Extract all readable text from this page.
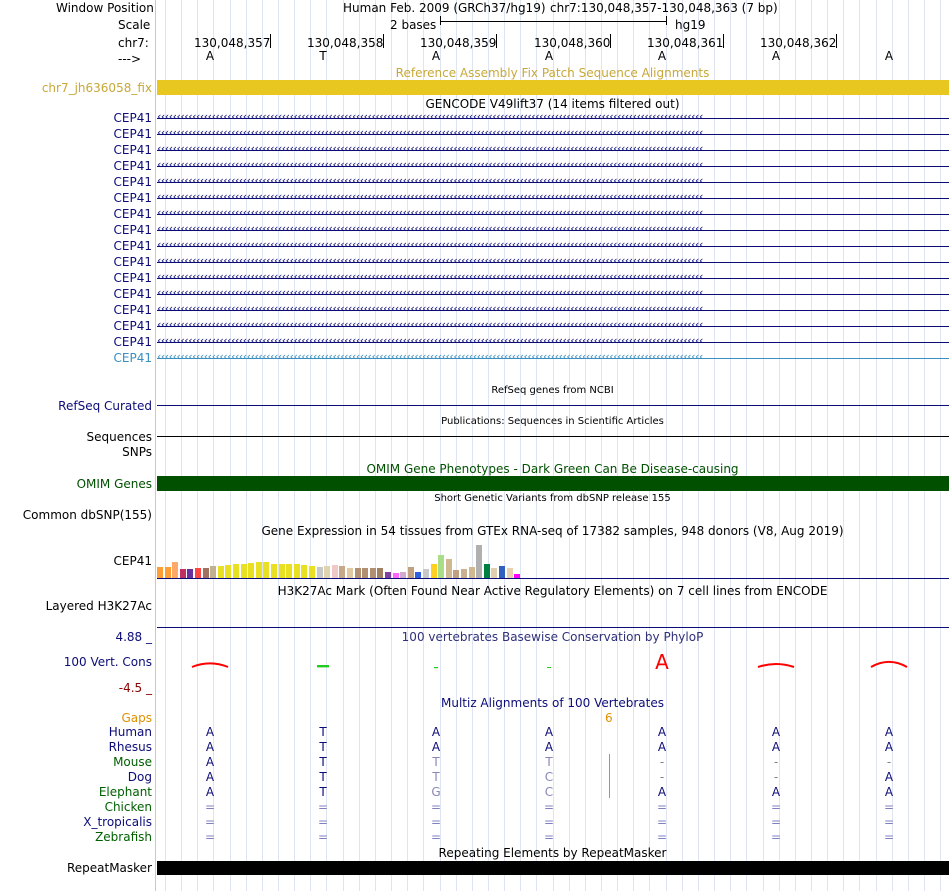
Window Position	Human Feb. 2009 (GRCh37/hg19) chr7:130,048,357-130,048,363 (7 bp)
Scale	2 bases	hg19
chr7:
--->
130,048,357	130,048,358	130,048,359	130,048,360	130,048,361	130,048,362
A	T	A	A	A	A	A
Reference Assembly Fix Patch Sequence Alignments
chr7_jh636058_fix
GENCODE V49lift37 (14 items filtered out)
CEP41 ‹‹‹‹‹‹‹‹‹‹‹‹‹‹‹‹‹‹‹‹‹‹‹‹‹‹‹‹‹‹‹‹‹‹‹‹‹‹‹‹‹‹‹‹‹‹‹‹‹‹‹‹‹‹‹‹‹‹‹‹‹‹‹‹‹‹‹‹‹‹‹‹‹‹‹‹‹‹‹‹‹‹‹‹‹‹‹‹‹‹‹‹‹‹‹‹‹‹‹‹‹‹‹‹‹‹‹‹‹‹‹‹‹‹‹‹‹‹‹‹‹‹‹‹‹‹‹‹‹‹‹‹‹‹‹‹‹‹‹‹
CEP41 ‹‹‹‹‹‹‹‹‹‹‹‹‹‹‹‹‹‹‹‹‹‹‹‹‹‹‹‹‹‹‹‹‹‹‹‹‹‹‹‹‹‹‹‹‹‹‹‹‹‹‹‹‹‹‹‹‹‹‹‹‹‹‹‹‹‹‹‹‹‹‹‹‹‹‹‹‹‹‹‹‹‹‹‹‹‹‹‹‹‹‹‹‹‹‹‹‹‹‹‹‹‹‹‹‹‹‹‹‹‹‹‹‹‹‹‹‹‹‹‹‹‹‹‹‹‹‹‹‹‹‹‹‹‹‹‹‹‹‹‹
CEP41 ‹‹‹‹‹‹‹‹‹‹‹‹‹‹‹‹‹‹‹‹‹‹‹‹‹‹‹‹‹‹‹‹‹‹‹‹‹‹‹‹‹‹‹‹‹‹‹‹‹‹‹‹‹‹‹‹‹‹‹‹‹‹‹‹‹‹‹‹‹‹‹‹‹‹‹‹‹‹‹‹‹‹‹‹‹‹‹‹‹‹‹‹‹‹‹‹‹‹‹‹‹‹‹‹‹‹‹‹‹‹‹‹‹‹‹‹‹‹‹‹‹‹‹‹‹‹‹‹‹‹‹‹‹‹‹‹‹‹‹‹
CEP41 ‹‹‹‹‹‹‹‹‹‹‹‹‹‹‹‹‹‹‹‹‹‹‹‹‹‹‹‹‹‹‹‹‹‹‹‹‹‹‹‹‹‹‹‹‹‹‹‹‹‹‹‹‹‹‹‹‹‹‹‹‹‹‹‹‹‹‹‹‹‹‹‹‹‹‹‹‹‹‹‹‹‹‹‹‹‹‹‹‹‹‹‹‹‹‹‹‹‹‹‹‹‹‹‹‹‹‹‹‹‹‹‹‹‹‹‹‹‹‹‹‹‹‹‹‹‹‹‹‹‹‹‹‹‹‹‹‹‹‹‹
CEP41 ‹‹‹‹‹‹‹‹‹‹‹‹‹‹‹‹‹‹‹‹‹‹‹‹‹‹‹‹‹‹‹‹‹‹‹‹‹‹‹‹‹‹‹‹‹‹‹‹‹‹‹‹‹‹‹‹‹‹‹‹‹‹‹‹‹‹‹‹‹‹‹‹‹‹‹‹‹‹‹‹‹‹‹‹‹‹‹‹‹‹‹‹‹‹‹‹‹‹‹‹‹‹‹‹‹‹‹‹‹‹‹‹‹‹‹‹‹‹‹‹‹‹‹‹‹‹‹‹‹‹‹‹‹‹‹‹‹‹‹‹
CEP41 ‹‹‹‹‹‹‹‹‹‹‹‹‹‹‹‹‹‹‹‹‹‹‹‹‹‹‹‹‹‹‹‹‹‹‹‹‹‹‹‹‹‹‹‹‹‹‹‹‹‹‹‹‹‹‹‹‹‹‹‹‹‹‹‹‹‹‹‹‹‹‹‹‹‹‹‹‹‹‹‹‹‹‹‹‹‹‹‹‹‹‹‹‹‹‹‹‹‹‹‹‹‹‹‹‹‹‹‹‹‹‹‹‹‹‹‹‹‹‹‹‹‹‹‹‹‹‹‹‹‹‹‹‹‹‹‹‹‹‹‹
CEP41 ‹‹‹‹‹‹‹‹‹‹‹‹‹‹‹‹‹‹‹‹‹‹‹‹‹‹‹‹‹‹‹‹‹‹‹‹‹‹‹‹‹‹‹‹‹‹‹‹‹‹‹‹‹‹‹‹‹‹‹‹‹‹‹‹‹‹‹‹‹‹‹‹‹‹‹‹‹‹‹‹‹‹‹‹‹‹‹‹‹‹‹‹‹‹‹‹‹‹‹‹‹‹‹‹‹‹‹‹‹‹‹‹‹‹‹‹‹‹‹‹‹‹‹‹‹‹‹‹‹‹‹‹‹‹‹‹‹‹‹‹
CEP41 ‹‹‹‹‹‹‹‹‹‹‹‹‹‹‹‹‹‹‹‹‹‹‹‹‹‹‹‹‹‹‹‹‹‹‹‹‹‹‹‹‹‹‹‹‹‹‹‹‹‹‹‹‹‹‹‹‹‹‹‹‹‹‹‹‹‹‹‹‹‹‹‹‹‹‹‹‹‹‹‹‹‹‹‹‹‹‹‹‹‹‹‹‹‹‹‹‹‹‹‹‹‹‹‹‹‹‹‹‹‹‹‹‹‹‹‹‹‹‹‹‹‹‹‹‹‹‹‹‹‹‹‹‹‹‹‹‹‹‹‹
CEP41 ‹‹‹‹‹‹‹‹‹‹‹‹‹‹‹‹‹‹‹‹‹‹‹‹‹‹‹‹‹‹‹‹‹‹‹‹‹‹‹‹‹‹‹‹‹‹‹‹‹‹‹‹‹‹‹‹‹‹‹‹‹‹‹‹‹‹‹‹‹‹‹‹‹‹‹‹‹‹‹‹‹‹‹‹‹‹‹‹‹‹‹‹‹‹‹‹‹‹‹‹‹‹‹‹‹‹‹‹‹‹‹‹‹‹‹‹‹‹‹‹‹‹‹‹‹‹‹‹‹‹‹‹‹‹‹‹‹‹‹‹
CEP41 ‹‹‹‹‹‹‹‹‹‹‹‹‹‹‹‹‹‹‹‹‹‹‹‹‹‹‹‹‹‹‹‹‹‹‹‹‹‹‹‹‹‹‹‹‹‹‹‹‹‹‹‹‹‹‹‹‹‹‹‹‹‹‹‹‹‹‹‹‹‹‹‹‹‹‹‹‹‹‹‹‹‹‹‹‹‹‹‹‹‹‹‹‹‹‹‹‹‹‹‹‹‹‹‹‹‹‹‹‹‹‹‹‹‹‹‹‹‹‹‹‹‹‹‹‹‹‹‹‹‹‹‹‹‹‹‹‹‹‹‹
CEP41 ‹‹‹‹‹‹‹‹‹‹‹‹‹‹‹‹‹‹‹‹‹‹‹‹‹‹‹‹‹‹‹‹‹‹‹‹‹‹‹‹‹‹‹‹‹‹‹‹‹‹‹‹‹‹‹‹‹‹‹‹‹‹‹‹‹‹‹‹‹‹‹‹‹‹‹‹‹‹‹‹‹‹‹‹‹‹‹‹‹‹‹‹‹‹‹‹‹‹‹‹‹‹‹‹‹‹‹‹‹‹‹‹‹‹‹‹‹‹‹‹‹‹‹‹‹‹‹‹‹‹‹‹‹‹‹‹‹‹‹‹
CEP41 ‹‹‹‹‹‹‹‹‹‹‹‹‹‹‹‹‹‹‹‹‹‹‹‹‹‹‹‹‹‹‹‹‹‹‹‹‹‹‹‹‹‹‹‹‹‹‹‹‹‹‹‹‹‹‹‹‹‹‹‹‹‹‹‹‹‹‹‹‹‹‹‹‹‹‹‹‹‹‹‹‹‹‹‹‹‹‹‹‹‹‹‹‹‹‹‹‹‹‹‹‹‹‹‹‹‹‹‹‹‹‹‹‹‹‹‹‹‹‹‹‹‹‹‹‹‹‹‹‹‹‹‹‹‹‹‹‹‹‹‹
CEP41 ‹‹‹‹‹‹‹‹‹‹‹‹‹‹‹‹‹‹‹‹‹‹‹‹‹‹‹‹‹‹‹‹‹‹‹‹‹‹‹‹‹‹‹‹‹‹‹‹‹‹‹‹‹‹‹‹‹‹‹‹‹‹‹‹‹‹‹‹‹‹‹‹‹‹‹‹‹‹‹‹‹‹‹‹‹‹‹‹‹‹‹‹‹‹‹‹‹‹‹‹‹‹‹‹‹‹‹‹‹‹‹‹‹‹‹‹‹‹‹‹‹‹‹‹‹‹‹‹‹‹‹‹‹‹‹‹‹‹‹‹
CEP41 ‹‹‹‹‹‹‹‹‹‹‹‹‹‹‹‹‹‹‹‹‹‹‹‹‹‹‹‹‹‹‹‹‹‹‹‹‹‹‹‹‹‹‹‹‹‹‹‹‹‹‹‹‹‹‹‹‹‹‹‹‹‹‹‹‹‹‹‹‹‹‹‹‹‹‹‹‹‹‹‹‹‹‹‹‹‹‹‹‹‹‹‹‹‹‹‹‹‹‹‹‹‹‹‹‹‹‹‹‹‹‹‹‹‹‹‹‹‹‹‹‹‹‹‹‹‹‹‹‹‹‹‹‹‹‹‹‹‹‹‹
CEP41 ‹‹‹‹‹‹‹‹‹‹‹‹‹‹‹‹‹‹‹‹‹‹‹‹‹‹‹‹‹‹‹‹‹‹‹‹‹‹‹‹‹‹‹‹‹‹‹‹‹‹‹‹‹‹‹‹‹‹‹‹‹‹‹‹‹‹‹‹‹‹‹‹‹‹‹‹‹‹‹‹‹‹‹‹‹‹‹‹‹‹‹‹‹‹‹‹‹‹‹‹‹‹‹‹‹‹‹‹‹‹‹‹‹‹‹‹‹‹‹‹‹‹‹‹‹‹‹‹‹‹‹‹‹‹‹‹‹‹‹‹
CEP41 ‹‹‹‹‹‹‹‹‹‹‹‹‹‹‹‹‹‹‹‹‹‹‹‹‹‹‹‹‹‹‹‹‹‹‹‹‹‹‹‹‹‹‹‹‹‹‹‹‹‹‹‹‹‹‹‹‹‹‹‹‹‹‹‹‹‹‹‹‹‹‹‹‹‹‹‹‹‹‹‹‹‹‹‹‹‹‹‹‹‹‹‹‹‹‹‹‹‹‹‹‹‹‹‹‹‹‹‹‹‹‹‹‹‹‹‹‹‹‹‹‹‹‹‹‹‹‹‹‹‹‹‹‹‹‹‹‹‹‹‹
RefSeq genes from NCBI
RefSeq Curated
Publications: Sequences in Scientific Articles
Sequences
SNPs
OMIM Gene Phenotypes - Dark Green Can Be Disease-causing
OMIM Genes
Short Genetic Variants from dbSNP release 155
Common dbSNP(155)
Gene Expression in 54 tissues from GTEx RNA-seq of 17382 samples, 948 donors (V8, Aug 2019)
CEP41
H3K27Ac Mark (Often Found Near Active Regulatory Elements) on 7 cell lines from ENCODE
Layered H3K27Ac
100 vertebrates Basewise Conservation by PhyloP
4.88 _
100 Vert. Cons
-4.5 _
A
Multiz Alignments of 100 Vertebrates
Gaps	6
Human	A	T	A	A	A	A	A
Rhesus	A	T	A	A	A	A	A
Mouse	A	T	T	T	-	-	-
Dog	A	T	T	C	-	-	A
Elephant	A	T	G	C	A	A	A
Chicken	=	=	=	=	=	=	=
X_tropicalis	=	=	=	=	=	=	=
Zebrafish	=	=	=	=	=	=	=
Repeating Elements by RepeatMasker
RepeatMasker
